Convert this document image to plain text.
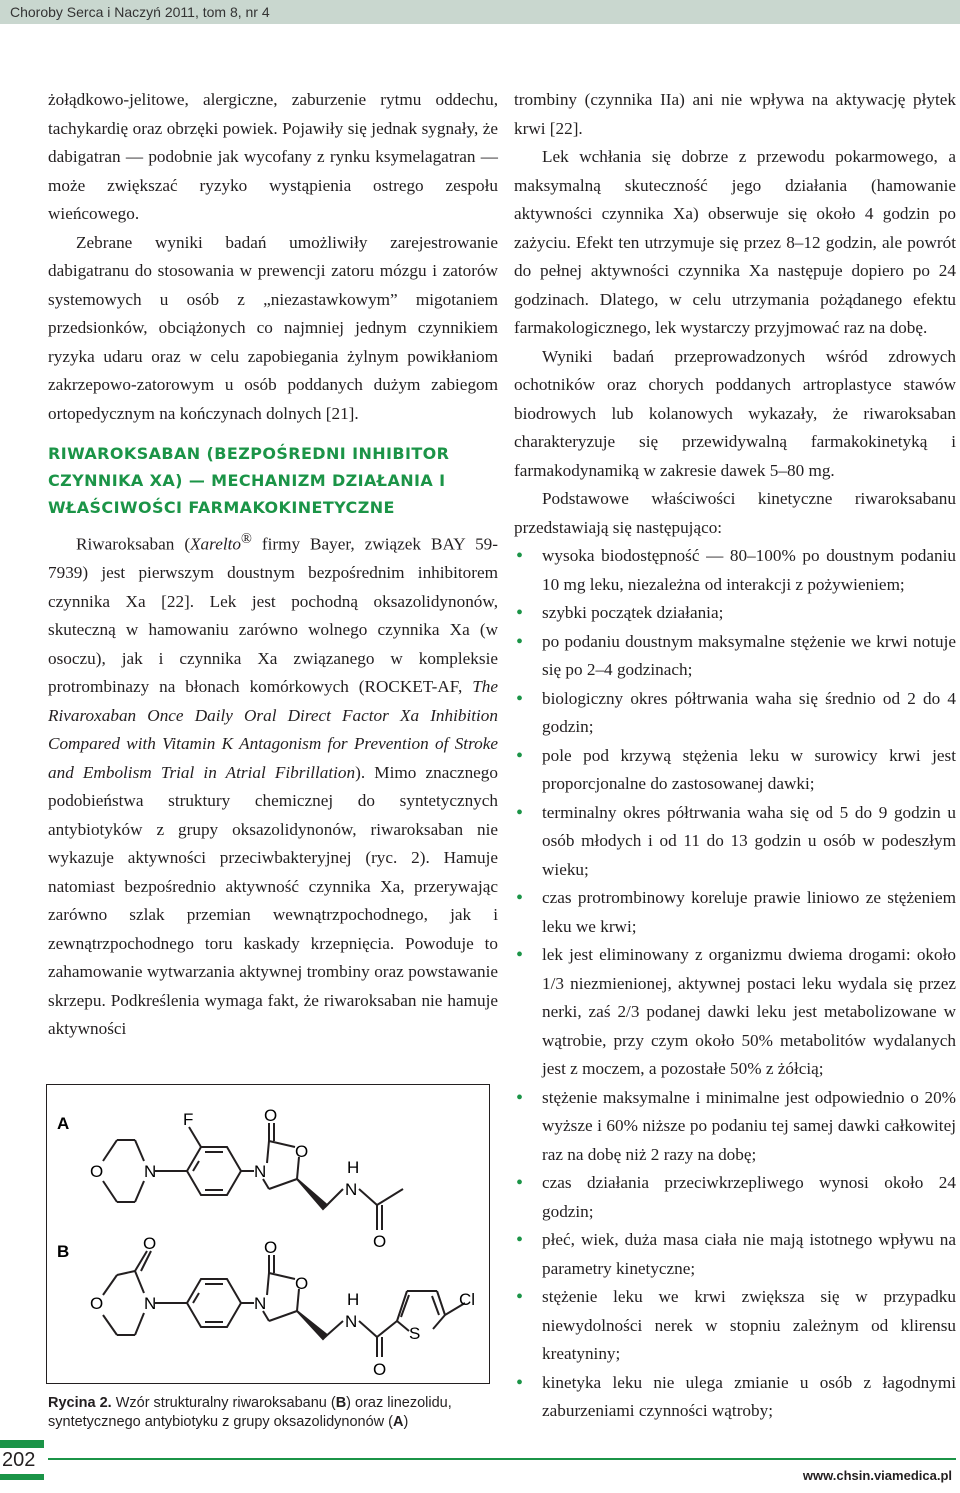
Choroby Serca i Naczyń 2011, tom 8, nr 4

żołądkowo-jelitowe, alergiczne, zaburzenie rytmu oddechu, tachykardię oraz obrzęki powiek. Pojawiły się jednak sygnały, że dabigatran — podobnie jak wycofany z rynku ksymelagatran — może zwiększać ryzyko wystąpienia ostrego zespołu wieńcowego.

Zebrane wyniki badań umożliwiły zarejestrowanie dabigatranu do stosowania w prewencji zatoru mózgu i zatorów systemowych u osób z „niezastawkowym” migotaniem przedsionków, obciążonych co najmniej jednym czynnikiem ryzyka udaru oraz w celu zapobiegania żylnym powikłaniom zakrzepowo-zatorowym u osób poddanych dużym zabiegom ortopedycznym na kończynach dolnych [21].

RIWAROKSABAN (BEZPOŚREDNI INHIBITOR CZYNNIKA XA) — MECHANIZM DZIAŁANIA I WŁAŚCIWOŚCI FARMAKOKINETYCZNE

Riwaroksaban (Xarelto® firmy Bayer, związek BAY 59-7939) jest pierwszym doustnym bezpośrednim inhibitorem czynnika Xa [22]. Lek jest pochodną oksazolidynonów, skuteczną w hamowaniu zarówno wolnego czynnika Xa (w osoczu), jak i czynnika Xa związanego w kompleksie protrombinazy na błonach komórkowych (ROCKET-AF, The Rivaroxaban Once Daily Oral Direct Factor Xa Inhibition Compared with Vitamin K Antagonism for Prevention of Stroke and Embolism Trial in Atrial Fibrillation). Mimo znacznego podobieństwa struktury chemicznej do syntetycznych antybiotyków z grupy oksazolidynonów, riwaroksaban nie wykazuje aktywności przeciwbakteryjnej (ryc. 2). Hamuje natomiast bezpośrednio aktywność czynnika Xa, przerywając zarówno szlak przemian wewnątrzpochodnego, jak i zewnątrzpochodnego toru kaskady krzepnięcia. Powoduje to zahamowanie wytwarzania aktywnej trombiny oraz powstawanie skrzepu. Podkreślenia wymaga fakt, że riwaroksaban nie hamuje aktywności

A
B
O N
F
N
O
O
H
N
O
O
O
N	N
O
O
H
N
O
S
Cl
Rycina 2. Wzór strukturalny riwaroksabanu (B) oraz linezolidu, syntetycznego antybiotyku z grupy oksazolidynonów (A)

trombiny (czynnika IIa) ani nie wpływa na aktywację płytek krwi [22].

Lek wchłania się dobrze z przewodu pokarmowego, a maksymalną skuteczność jego działania (hamowanie aktywności czynnika Xa) obserwuje się około 4 godzin po zażyciu. Efekt ten utrzymuje się przez 8–12 godzin, ale powrót do pełnej aktywności czynnika Xa następuje dopiero po 24 godzinach. Dlatego, w celu utrzymania pożądanego efektu farmakologicznego, lek wystarczy przyjmować raz na dobę.

Wyniki badań przeprowadzonych wśród zdrowych ochotników oraz chorych poddanych artroplastyce stawów biodrowych lub kolanowych wykazały, że riwaroksaban charakteryzuje się przewidywalną farmakokinetyką i farmakodynamiką w zakresie dawek 5–80 mg.

Podstawowe właściwości kinetyczne riwaroksabanu przedstawiają się następująco:

• wysoka biodostępność — 80–100% po doustnym podaniu 10 mg leku, niezależna od interakcji z pożywieniem;
• szybki początek działania;
• po podaniu doustnym maksymalne stężenie we krwi notuje się po 2–4 godzinach;
• biologiczny okres półtrwania waha się średnio od 2 do 4 godzin;
• pole pod krzywą stężenia leku w surowicy krwi jest proporcjonalne do zastosowanej dawki;
• terminalny okres półtrwania waha się od 5 do 9 godzin u osób młodych i od 11 do 13 godzin u osób w podeszłym wieku;
• czas protrombinowy koreluje prawie liniowo ze stężeniem leku we krwi;
• lek jest eliminowany z organizmu dwiema drogami: około 1/3 niezmienionej, aktywnej postaci leku wydala się przez nerki, zaś 2/3 podanej dawki leku jest metabolizowane w wątrobie, przy czym około 50% metabolitów wydalanych jest z moczem, a pozostałe 50% z żółcią;
• stężenie maksymalne i minimalne jest odpowiednio o 20% wyższe i 60% niższe po podaniu tej samej dawki całkowitej raz na dobę niż 2 razy na dobę;
• czas działania przeciwkrzepliwego wynosi około 24 godzin;
• płeć, wiek, duża masa ciała nie mają istotnego wpływu na parametry kinetyczne;
• stężenie leku we krwi zwiększa się w przypadku niewydolności nerek w stopniu zależnym od klirensu kreatyniny;
• kinetyka leku nie ulega zmianie u osób z łagodnymi zaburzeniami czynności wątroby;
202
www.chsin.viamedica.pl
